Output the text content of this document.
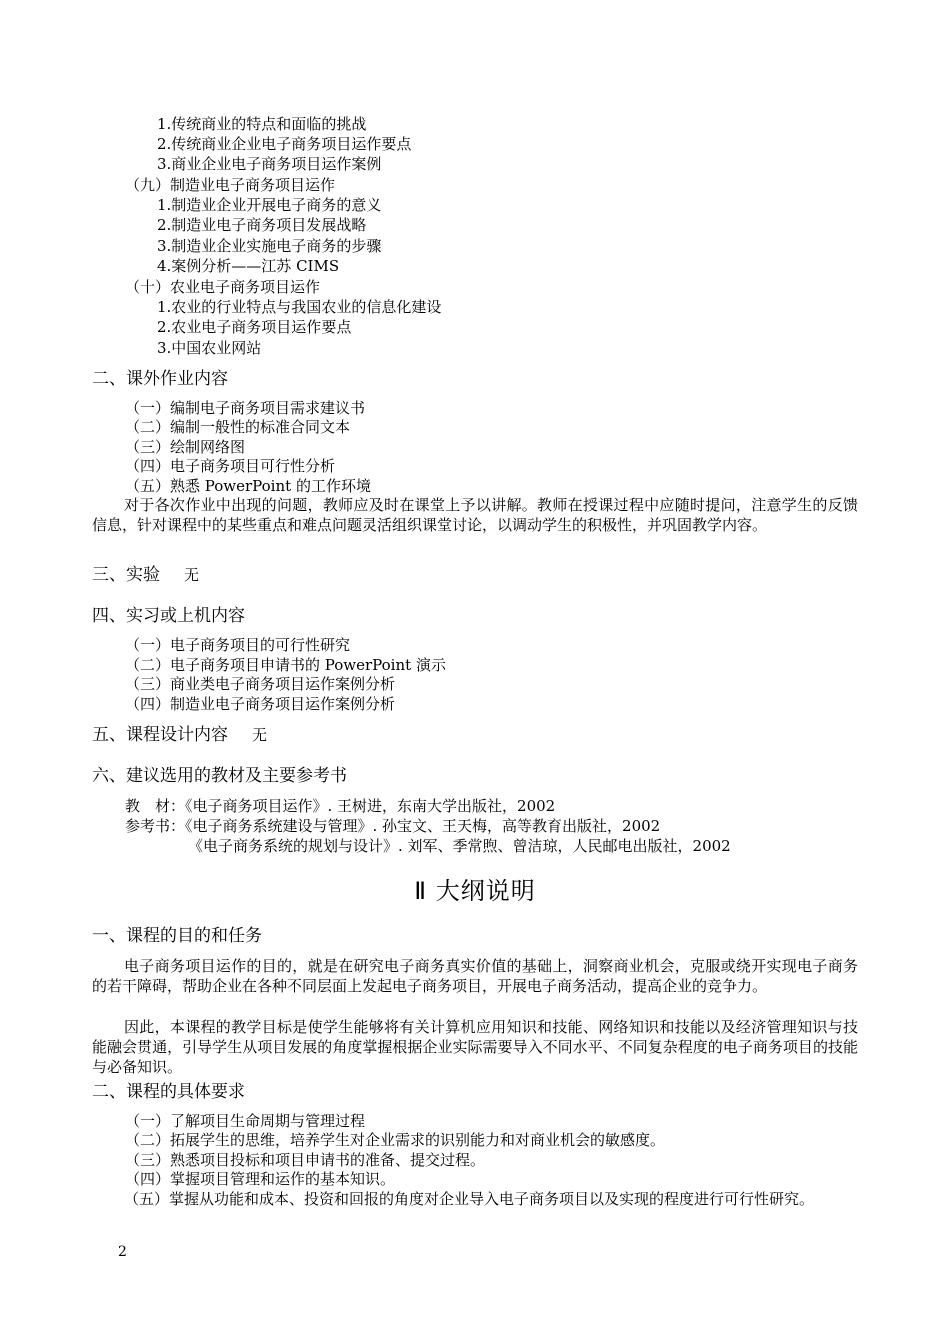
1.传统商业的特点和面临的挑战
2.传统商业企业电子商务项目运作要点
3.商业企业电子商务项目运作案例
（九）制造业电子商务项目运作
1.制造业企业开展电子商务的意义
2.制造业电子商务项目发展战略
3.制造业企业实施电子商务的步骤
4.案例分析——江苏 CIMS
（十）农业电子商务项目运作
1.农业的行业特点与我国农业的信息化建设
2.农业电子商务项目运作要点
3.中国农业网站
二、课外作业内容
（一）编制电子商务项目需求建议书
（二）编制一般性的标准合同文本
（三）绘制网络图
（四）电子商务项目可行性分析
（五）熟悉 PowerPoint 的工作环境
对于各次作业中出现的问题，教师应及时在课堂上予以讲解。教师在授课过程中应随时提问，注意学生的反馈信息，针对课程中的某些重点和难点问题灵活组织课堂讨论，以调动学生的积极性，并巩固教学内容。
三、实验 无
四、实习或上机内容
（一）电子商务项目的可行性研究
（二）电子商务项目申请书的 PowerPoint 演示
（三）商业类电子商务项目运作案例分析
（四）制造业电子商务项目运作案例分析
五、课程设计内容 无
六、建议选用的教材及主要参考书
教　材：《电子商务项目运作》. 王树进，东南大学出版社，2002
参考书：《电子商务系统建设与管理》. 孙宝文、王天梅，高等教育出版社，2002
《电子商务系统的规划与设计》. 刘军、季常煦、曾洁琼，人民邮电出版社，2002
Ⅱ 大纲说明
一、课程的目的和任务
电子商务项目运作的目的，就是在研究电子商务真实价值的基础上，洞察商业机会，克服或绕开实现电子商务的若干障碍，帮助企业在各种不同层面上发起电子商务项目，开展电子商务活动，提高企业的竞争力。
因此，本课程的教学目标是使学生能够将有关计算机应用知识和技能、网络知识和技能以及经济管理知识与技能融会贯通，引导学生从项目发展的角度掌握根据企业实际需要导入不同水平、不同复杂程度的电子商务项目的技能与必备知识。
二、课程的具体要求
（一）了解项目生命周期与管理过程
（二）拓展学生的思维，培养学生对企业需求的识别能力和对商业机会的敏感度。
（三）熟悉项目投标和项目申请书的准备、提交过程。
（四）掌握项目管理和运作的基本知识。
（五）掌握从功能和成本、投资和回报的角度对企业导入电子商务项目以及实现的程度进行可行性研究。
2
